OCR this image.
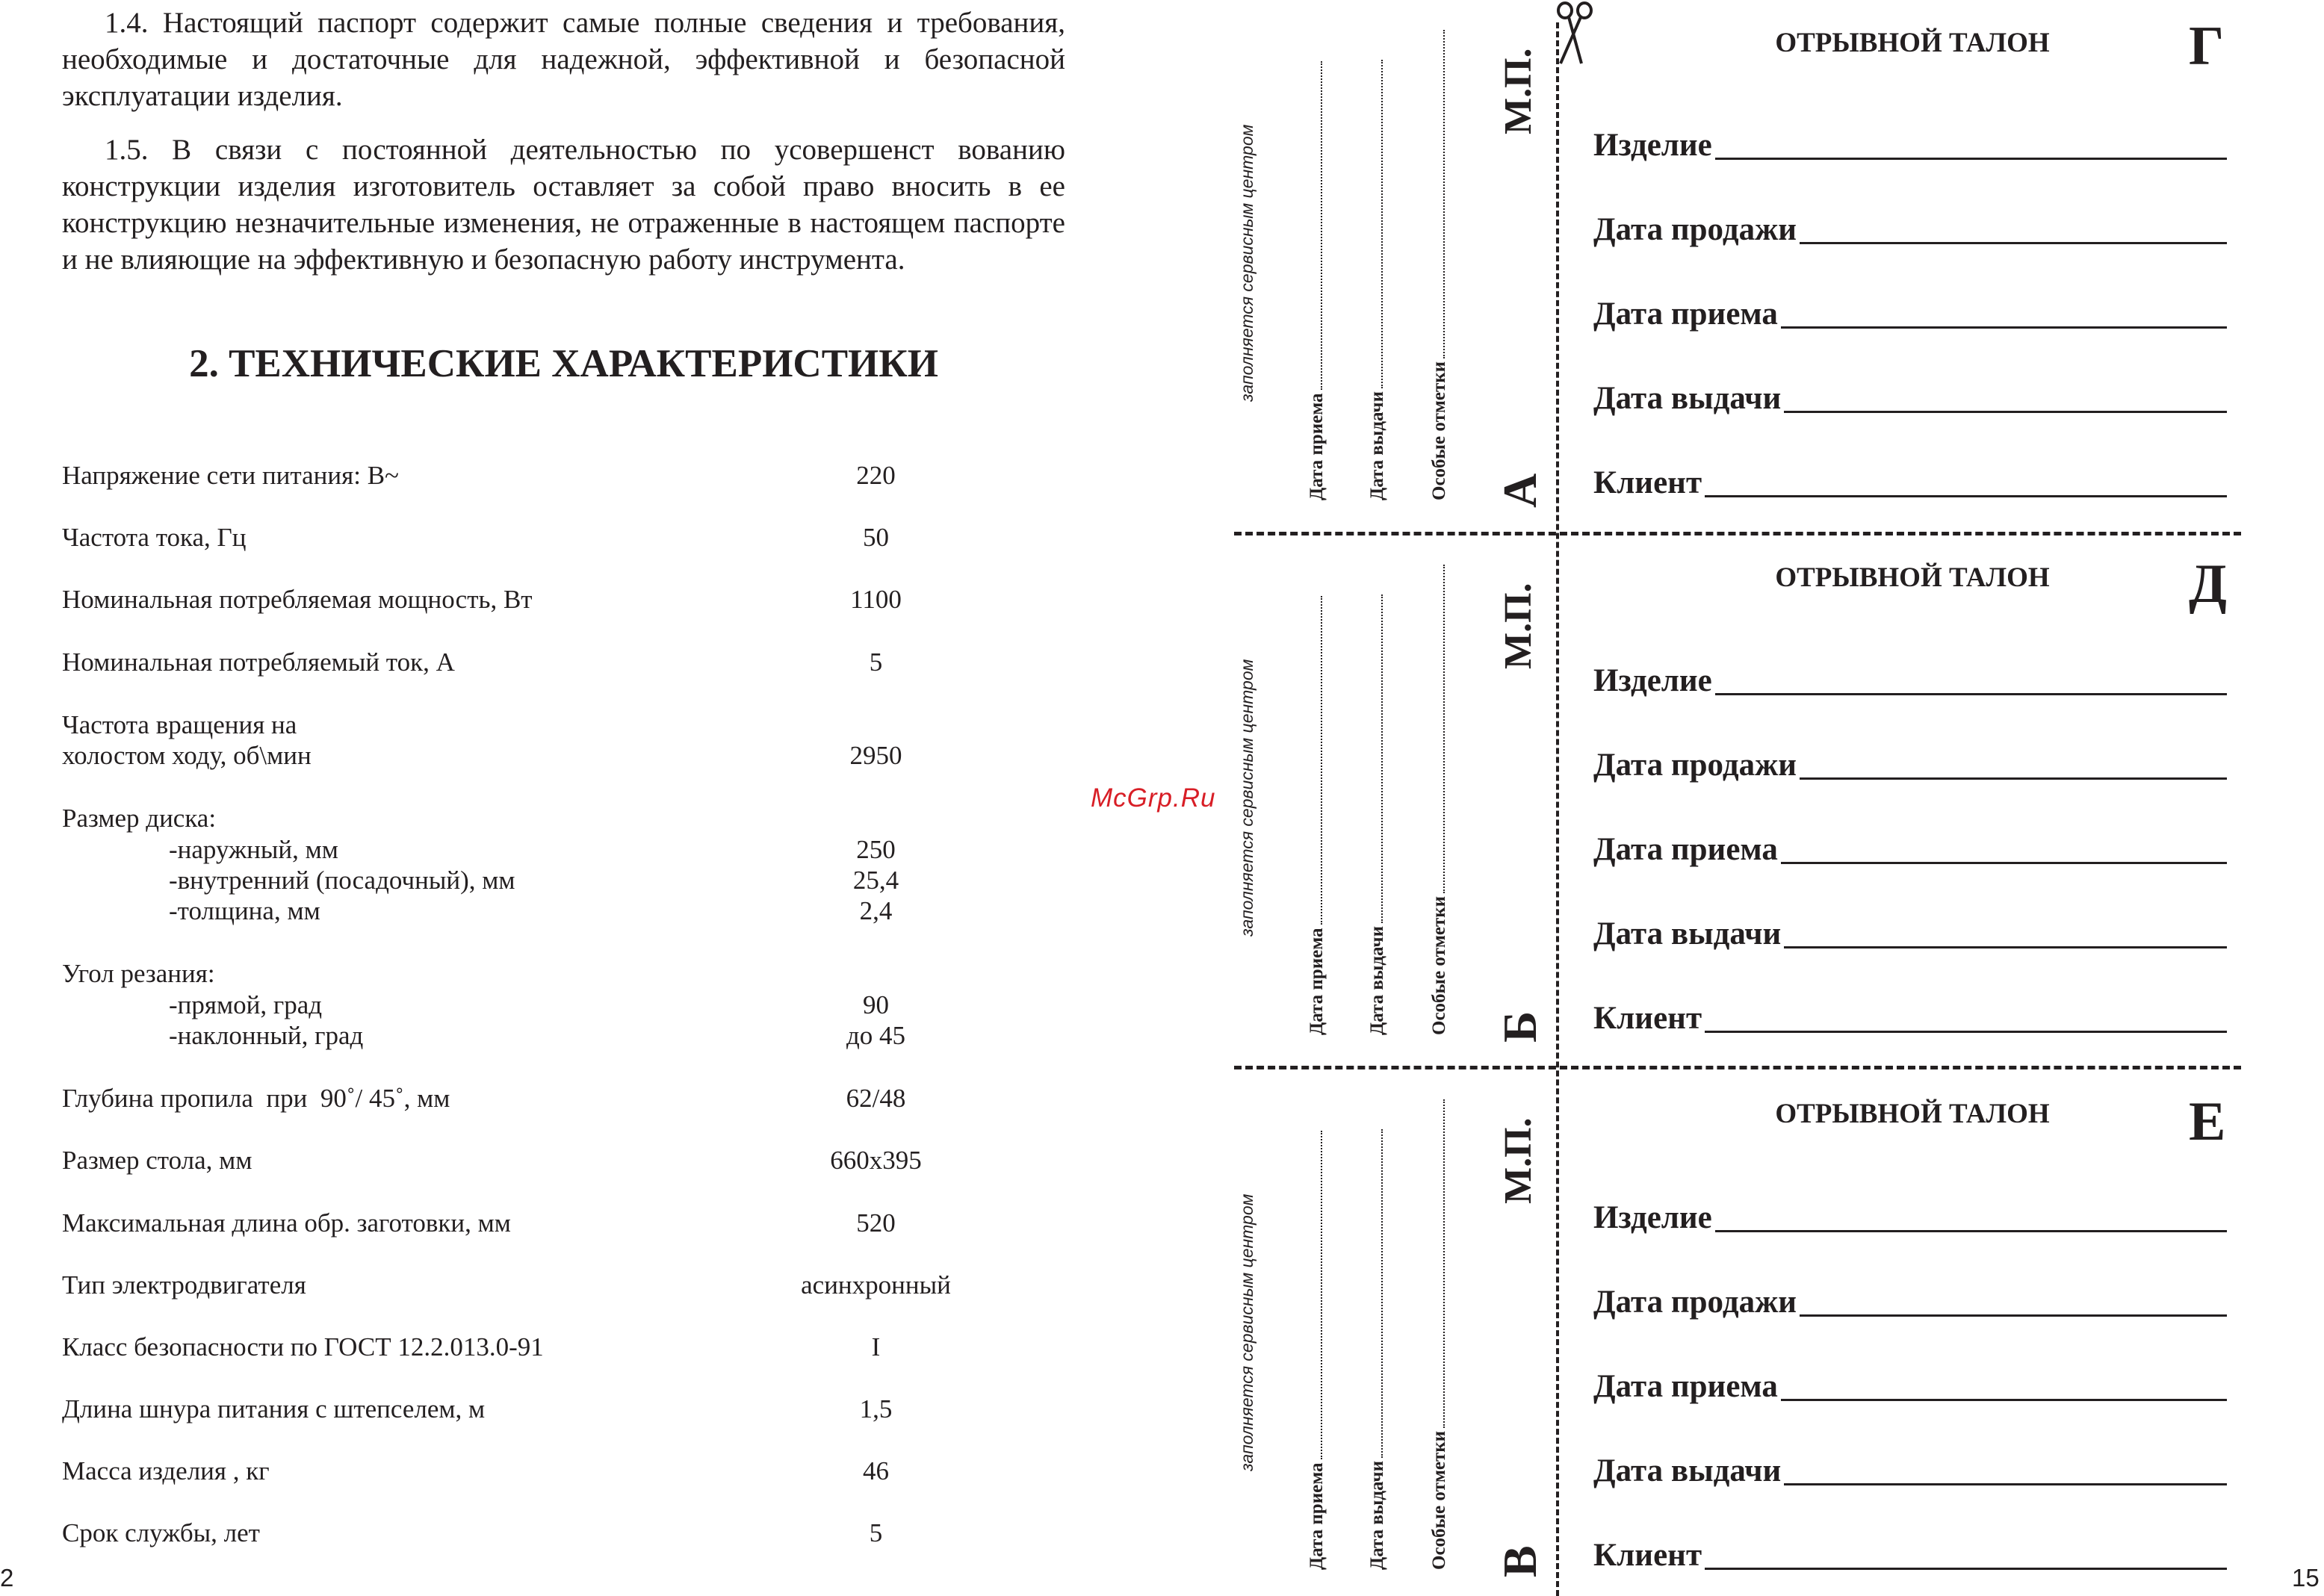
1.4. Настоящий паспорт содержит самые полные сведения и требования, необходимые и достаточные для надежной, эффективной и безопасной эксплуатации изделия.

1.5. В связи с постоянной деятельностью по усовершенст вованию конструкции изделия изготовитель оставляет за собой право вносить в ее конструкцию незначительные изменения, не отраженные в настоящем паспорте и не влияющие на эффективную и безопасную работу инструмента.

2. ТЕХНИЧЕСКИЕ ХАРАКТЕРИСТИКИ
Напряжение сети питания: В~	220
Частота тока, Гц	50
Номинальная потребляемая мощность, Вт	1100
Номинальная потребляемый ток, А	5
Частота вращения на
холостом ходу, об\мин	2950
Размер диска:
-наружный, мм	250
-внутренний (посадочный), мм	25,4
-толщина, мм	2,4
Угол резания:
-прямой, град	90
-наклонный, град	до 45
Глубина пропила  при  90˚/ 45˚, мм	62/48
Размер стола, мм	660x395
Максимальная длина обр. заготовки, мм	520
Тип электродвигателя	асинхронный
Класс безопасности по ГОСТ 12.2.013.0-91	I
Длина шнура питания с штепселем, м	1,5
Масса изделия , кг	46
Срок службы, лет	5
2
McGrp.Ru
заполняется сервисным центром
Дата приема Дата выдачи Особые отметки А
М.П.
заполняется сервисным центром
Дата приема Дата выдачи Особые отметки Б
М.П.
заполняется сервисным центром
Дата приема Дата выдачи Особые отметки В
М.П.
ОТРЫВНОЙ ТАЛОН	Г
Изделие
Дата продажи
Дата приема
Дата выдачи
Клиент
ОТРЫВНОЙ ТАЛОН	Д
Изделие
Дата продажи
Дата приема
Дата выдачи
Клиент
ОТРЫВНОЙ ТАЛОН	Е
Изделие
Дата продажи
Дата приема
Дата выдачи
Клиент
15
